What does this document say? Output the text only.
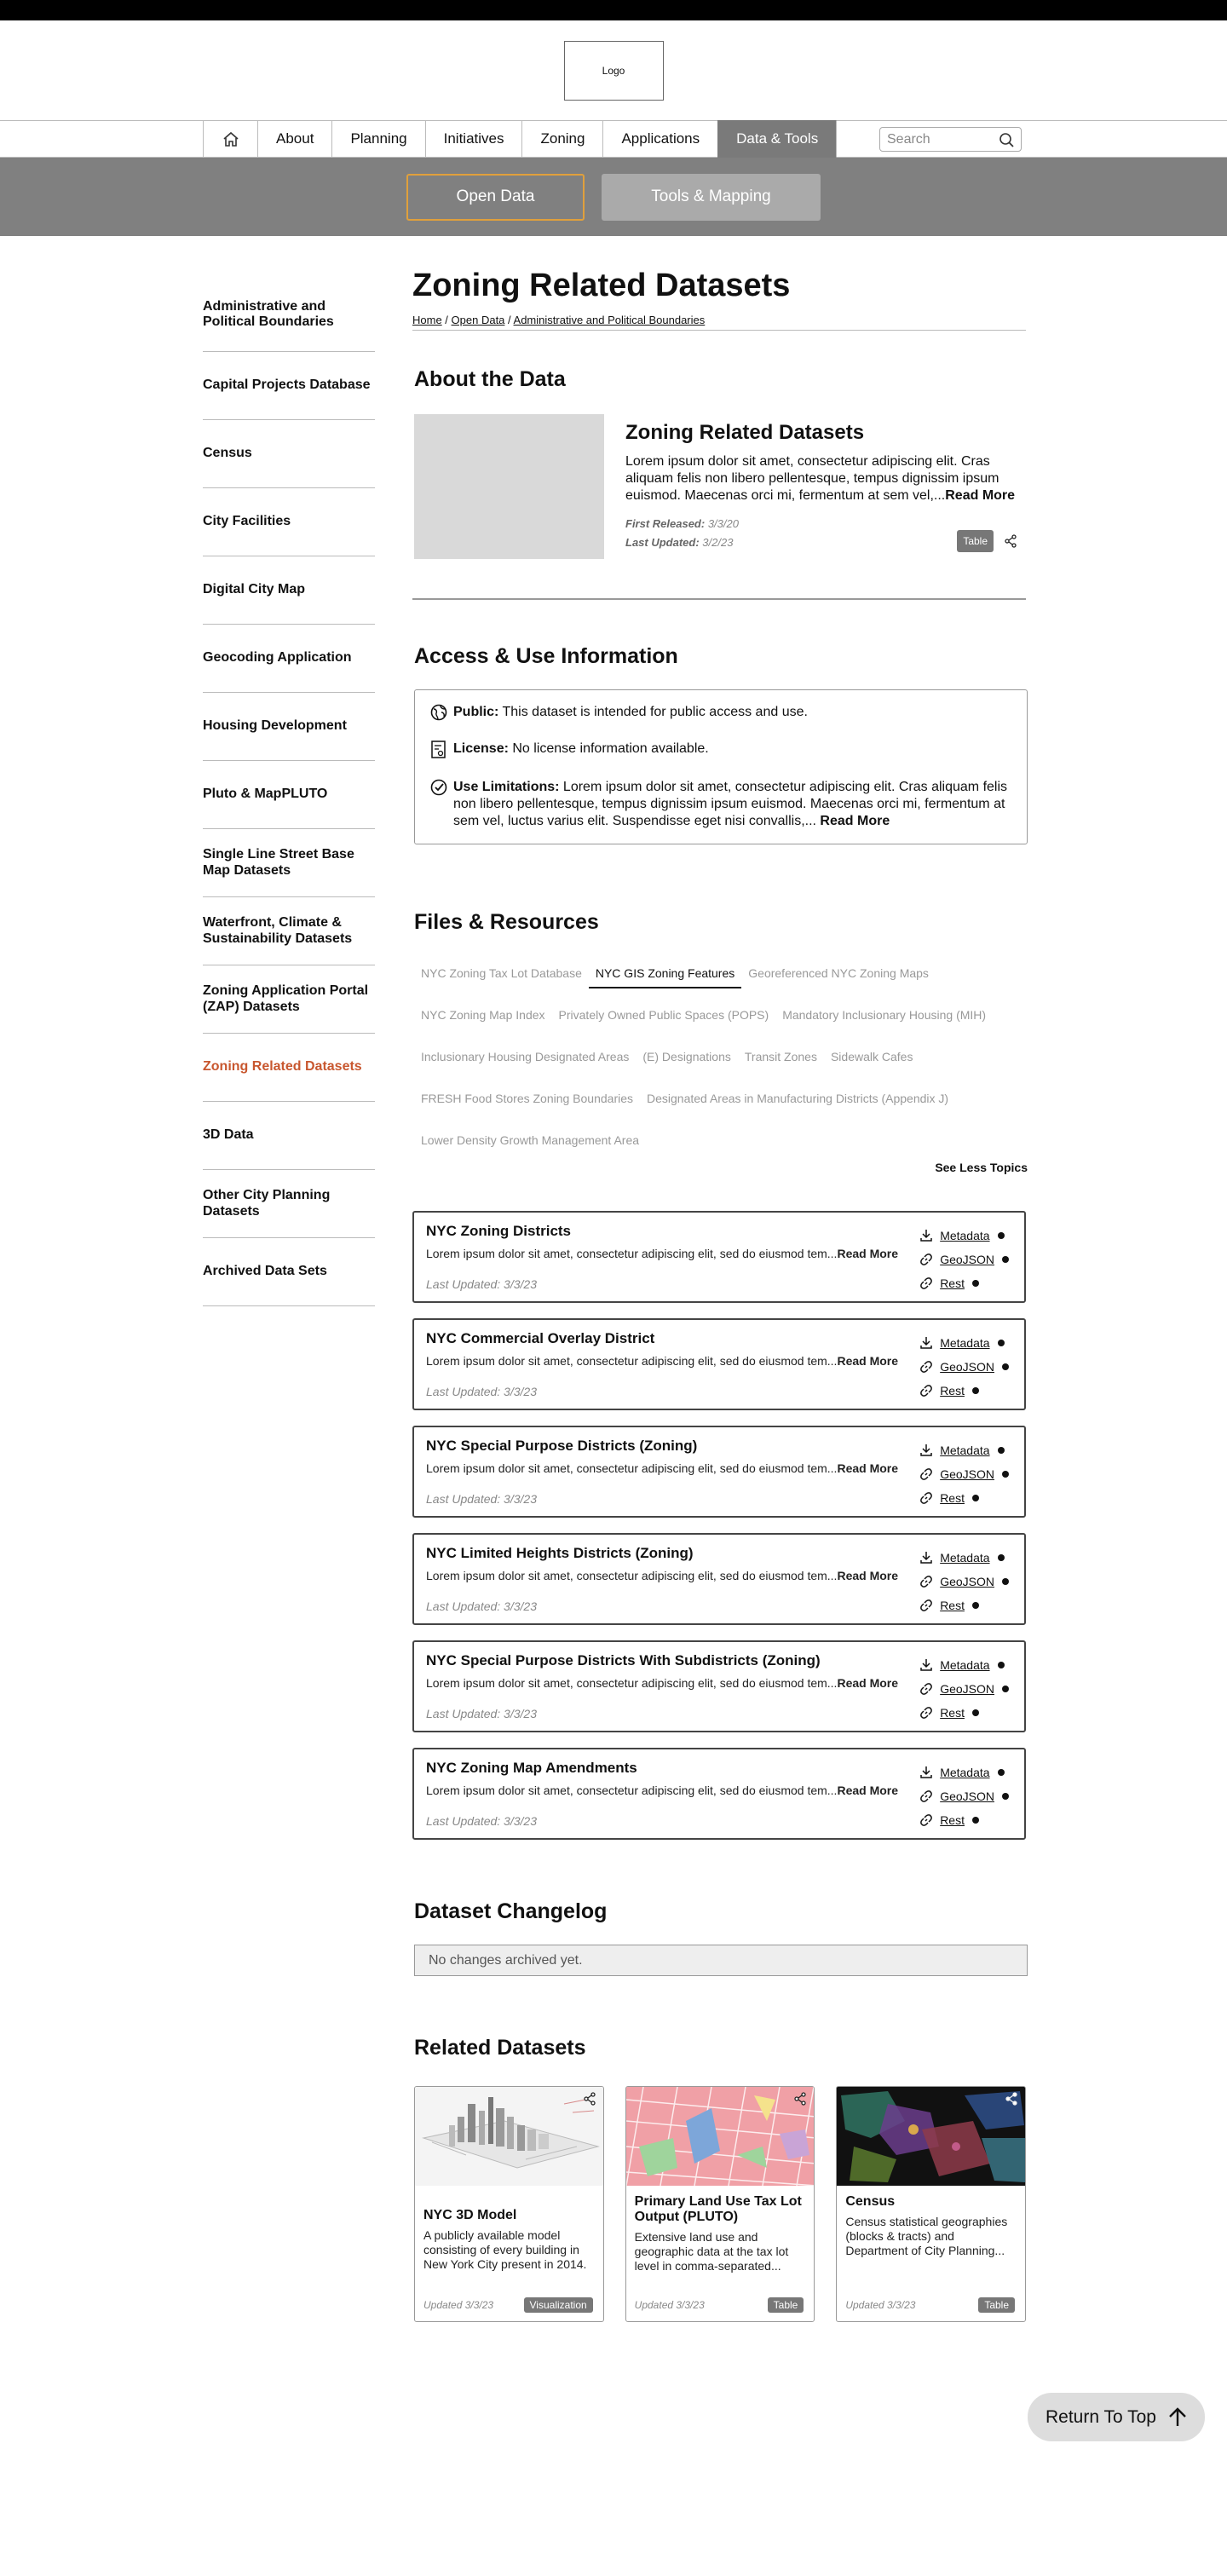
Logo
About	Planning	Initiatives	Zoning	Applications	Data & Tools	Search
Open Data	Tools & Mapping
Administrative and Political Boundaries
Capital Projects Database
Census
City Facilities
Digital City Map
Geocoding Application
Housing Development
Pluto & MapPLUTO
Single Line Street Base Map Datasets
Waterfront, Climate & Sustainability Datasets
Zoning Application Portal (ZAP) Datasets
Zoning Related Datasets
3D Data
Other City Planning Datasets
Archived Data Sets
Zoning Related Datasets
Home / Open Data / Administrative and Political Boundaries
About the Data
Zoning Related Datasets

Lorem ipsum dolor sit amet, consectetur adipiscing elit. Cras aliquam felis non libero pellentesque, tempus dignissim ipsum euismod. Maecenas orci mi, fermentum at sem vel,...Read More

First Released: 3/3/20
Last Updated: 3/2/23	Table
Access & Use Information
Public: This dataset is intended for public access and use.
License: No license information available.
Use Limitations: Lorem ipsum dolor sit amet, consectetur adipiscing elit. Cras aliquam felis non libero pellentesque, tempus dignissim ipsum euismod. Maecenas orci mi, fermentum at sem vel, luctus varius elit. Suspendisse eget nisi convallis,... Read More
Files & Resources
NYC Zoning Tax Lot Database	NYC GIS Zoning Features	Georeferenced NYC Zoning Maps
NYC Zoning Map Index	Privately Owned Public Spaces (POPS)	Mandatory Inclusionary Housing (MIH)
Inclusionary Housing Designated Areas	(E) Designations	Transit Zones	Sidewalk Cafes
FRESH Food Stores Zoning Boundaries	Designated Areas in Manufacturing Districts (Appendix J)
Lower Density Growth Management Area
See Less Topics
NYC Zoning Districts
Lorem ipsum dolor sit amet, consectetur adipiscing elit, sed do eiusmod tem...Read More
Last Updated: 3/3/23
Metadata
GeoJSON
Rest
NYC Commercial Overlay District
Lorem ipsum dolor sit amet, consectetur adipiscing elit, sed do eiusmod tem...Read More
Last Updated: 3/3/23
Metadata
GeoJSON
Rest
NYC Special Purpose Districts (Zoning)
Lorem ipsum dolor sit amet, consectetur adipiscing elit, sed do eiusmod tem...Read More
Last Updated: 3/3/23
Metadata
GeoJSON
Rest
NYC Limited Heights Districts (Zoning)
Lorem ipsum dolor sit amet, consectetur adipiscing elit, sed do eiusmod tem...Read More
Last Updated: 3/3/23
Metadata
GeoJSON
Rest
NYC Special Purpose Districts With Subdistricts (Zoning)
Lorem ipsum dolor sit amet, consectetur adipiscing elit, sed do eiusmod tem...Read More
Last Updated: 3/3/23
Metadata
GeoJSON
Rest
NYC Zoning Map Amendments
Lorem ipsum dolor sit amet, consectetur adipiscing elit, sed do eiusmod tem...Read More
Last Updated: 3/3/23
Metadata
GeoJSON
Rest
Dataset Changelog
No changes archived yet.
Related Datasets
NYC 3D Model

A publicly available model consisting of every building in New York City present in 2014.

Updated 3/3/23	Visualization
Primary Land Use Tax Lot Output (PLUTO)

Extensive land use and geographic data at the tax lot level in comma-separated...

Updated 3/3/23	Table
Census

Census statistical geographies (blocks & tracts) and Department of City Planning...

Updated 3/3/23	Table
Return To Top
